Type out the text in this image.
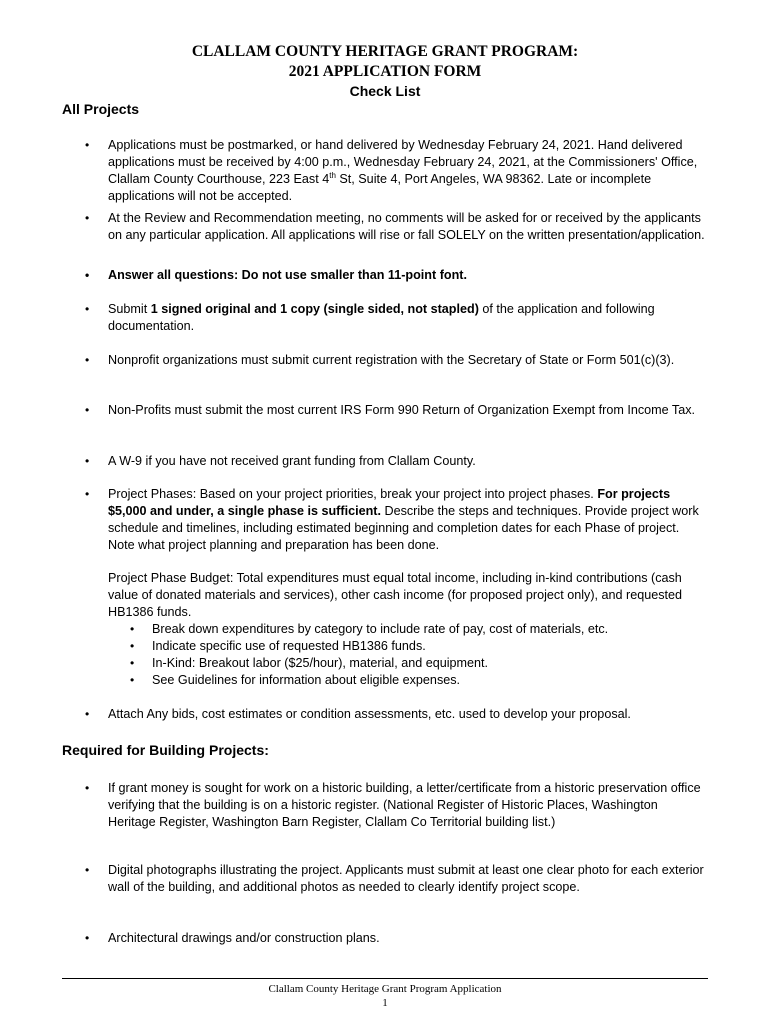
CLALLAM COUNTY HERITAGE GRANT PROGRAM:
2021 APPLICATION FORM
Check List
All Projects
• Applications must be postmarked, or hand delivered by Wednesday February 24, 2021. Hand delivered applications must be received by 4:00 p.m., Wednesday February 24, 2021, at the Commissioners' Office, Clallam County Courthouse, 223 East 4th St, Suite 4, Port Angeles, WA 98362. Late or incomplete applications will not be accepted.
• At the Review and Recommendation meeting, no comments will be asked for or received by the applicants on any particular application. All applications will rise or fall SOLELY on the written presentation/application.
• Answer all questions: Do not use smaller than 11-point font.
• Submit 1 signed original and 1 copy (single sided, not stapled) of the application and following documentation.
• Nonprofit organizations must submit current registration with the Secretary of State or Form 501(c)(3).
• Non-Profits must submit the most current IRS Form 990 Return of Organization Exempt from Income Tax.
• A W-9 if you have not received grant funding from Clallam County.
• Project Phases: Based on your project priorities, break your project into project phases. For projects $5,000 and under, a single phase is sufficient. Describe the steps and techniques. Provide project work schedule and timelines, including estimated beginning and completion dates for each Phase of project. Note what project planning and preparation has been done.
Project Phase Budget: Total expenditures must equal total income, including in-kind contributions (cash value of donated materials and services), other cash income (for proposed project only), and requested HB1386 funds.
• Break down expenditures by category to include rate of pay, cost of materials, etc.
• Indicate specific use of requested HB1386 funds.
• In-Kind: Breakout labor ($25/hour), material, and equipment.
• See Guidelines for information about eligible expenses.
• Attach Any bids, cost estimates or condition assessments, etc. used to develop your proposal.
Required for Building Projects:
• If grant money is sought for work on a historic building, a letter/certificate from a historic preservation office verifying that the building is on a historic register. (National Register of Historic Places, Washington Heritage Register, Washington Barn Register, Clallam Co Territorial building list.)
• Digital photographs illustrating the project. Applicants must submit at least one clear photo for each exterior wall of the building, and additional photos as needed to clearly identify project scope.
• Architectural drawings and/or construction plans.
Clallam County Heritage Grant Program Application
1
